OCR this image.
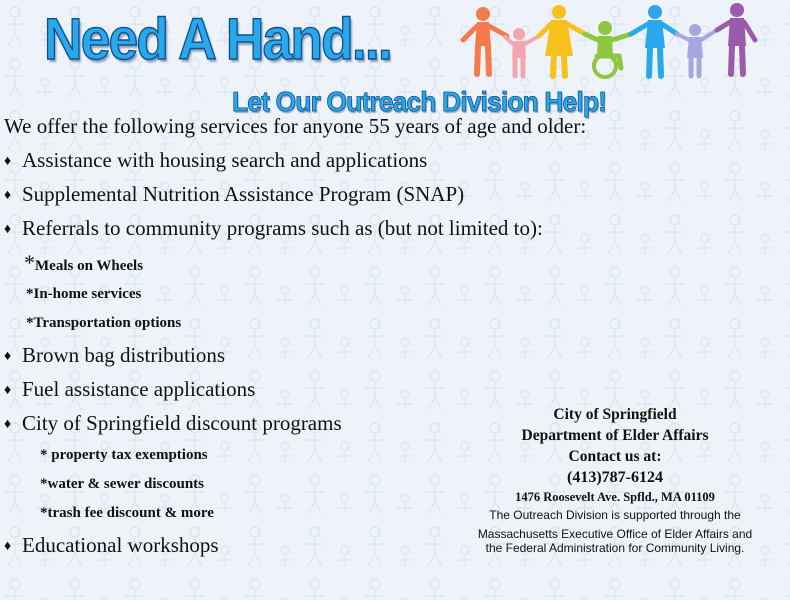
Need A Hand...
Let Our Outreach Division Help!
We offer the following services for anyone 55 years of age and older:
♦ Assistance with housing search and applications
♦ Supplemental Nutrition Assistance Program (SNAP)
♦ Referrals to community programs such as (but not limited to):
*Meals on Wheels
*In-home services
*Transportation options
♦ Brown bag distributions
♦ Fuel assistance applications
♦ City of Springfield discount programs
* property tax exemptions
*water & sewer discounts
*trash fee discount & more
♦ Educational workshops
City of Springfield
Department of Elder Affairs
Contact us at:
(413)787-6124
1476 Roosevelt Ave. Spfld., MA 01109
The Outreach Division is supported through the
Massachusetts Executive Office of Elder Affairs and
the Federal Administration for Community Living.
